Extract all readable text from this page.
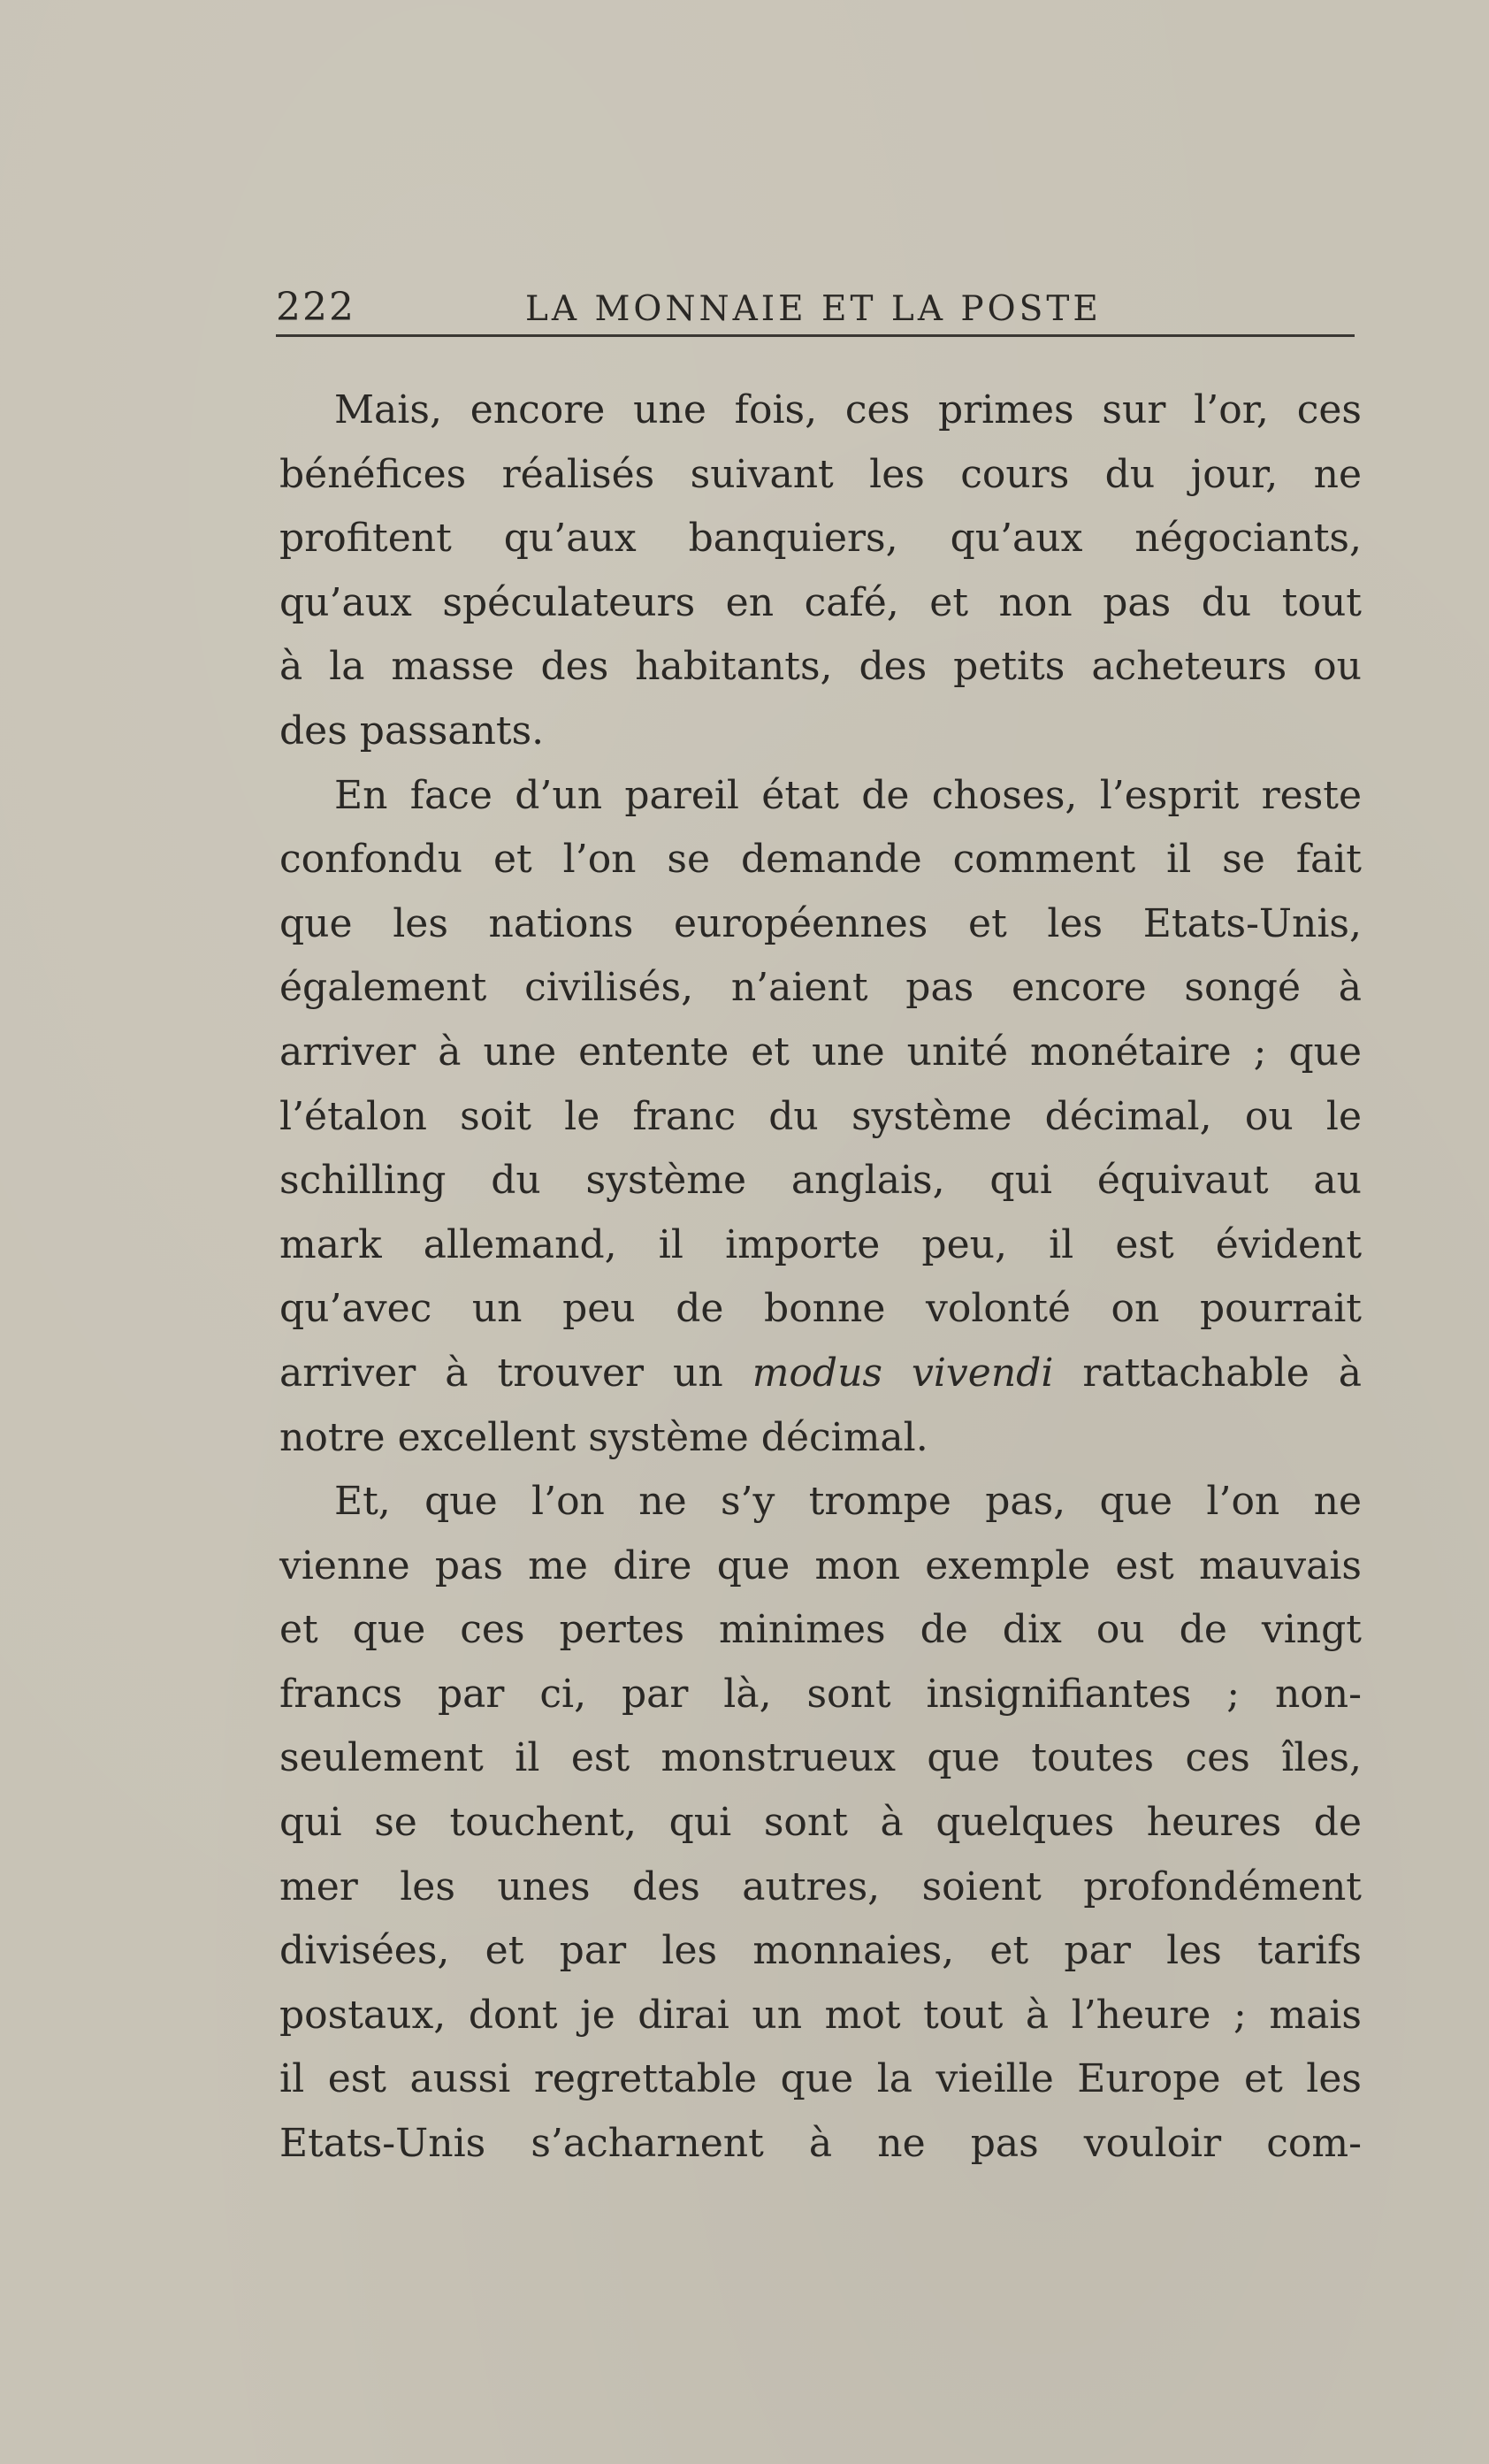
222	LA MONNAIE ET LA POSTE
Mais, encore une fois, ces primes sur l’or, ces
bénéfices réalisés suivant les cours du jour, ne
profitent qu’aux banquiers, qu’aux négociants,
qu’aux spéculateurs en café, et non pas du tout
à la masse des habitants, des petits acheteurs ou
des passants.
En face d’un pareil état de choses, l’esprit reste
confondu et l’on se demande comment il se fait
que les nations européennes et les Etats-Unis,
également civilisés, n’aient pas encore songé à
arriver à une entente et une unité monétaire ; que
l’étalon soit le franc du système décimal, ou le
schilling du système anglais, qui équivaut au
mark allemand, il importe peu, il est évident
qu’avec un peu de bonne volonté on pourrait
arriver à trouver un modus vivendi rattachable à
notre excellent système décimal.
Et, que l’on ne s’y trompe pas, que l’on ne
vienne pas me dire que mon exemple est mauvais
et que ces pertes minimes de dix ou de vingt
francs par ci, par là, sont insignifiantes ; non-
seulement il est monstrueux que toutes ces îles,
qui se touchent, qui sont à quelques heures de
mer les unes des autres, soient profondément
divisées, et par les monnaies, et par les tarifs
postaux, dont je dirai un mot tout à l’heure ; mais
il est aussi regrettable que la vieille Europe et les
Etats-Unis s’acharnent à ne pas vouloir com-
